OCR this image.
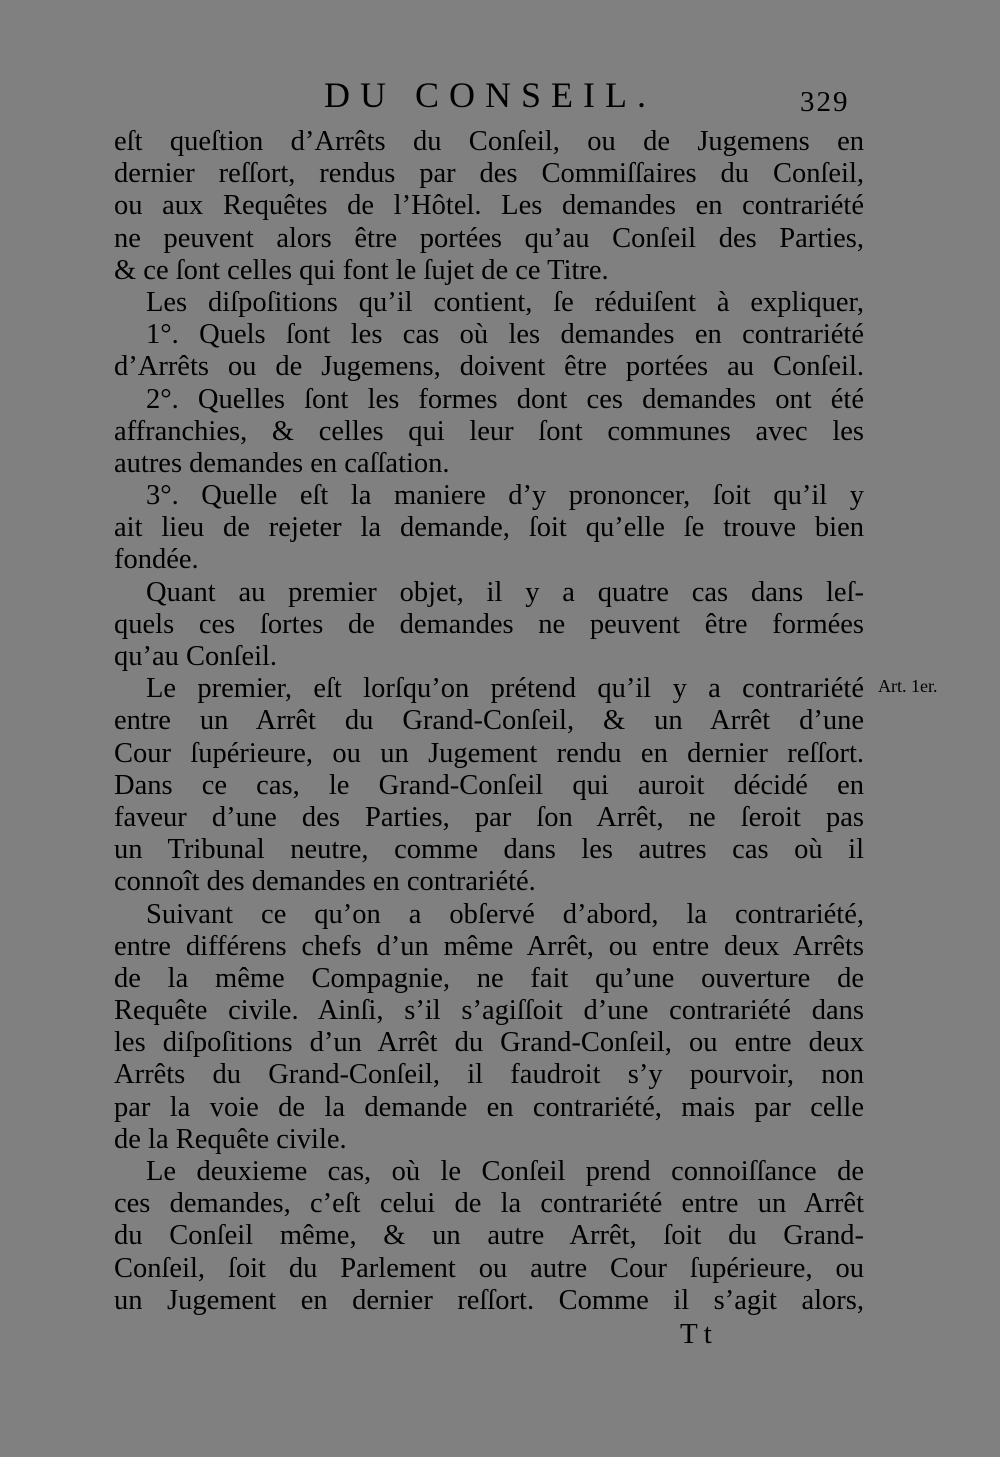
DU CONSEIL.	329
eſt queſtion d’Arrêts du Conſeil, ou de Jugemens en
dernier reſſort, rendus par des Commiſſaires du Conſeil,
ou aux Requêtes de l’Hôtel. Les demandes en contrariété
ne peuvent alors être portées qu’au Conſeil des Parties,
& ce ſont celles qui font le ſujet de ce Titre.
Les diſpoſitions qu’il contient, ſe réduiſent à expliquer,
1°. Quels ſont les cas où les demandes en contrariété
d’Arrêts ou de Jugemens, doivent être portées au Conſeil.
2°. Quelles ſont les formes dont ces demandes ont été
affranchies, & celles qui leur ſont communes avec les
autres demandes en caſſation.
3°. Quelle eſt la maniere d’y prononcer, ſoit qu’il y
ait lieu de rejeter la demande, ſoit qu’elle ſe trouve bien
fondée.
Quant au premier objet, il y a quatre cas dans leſ-
quels ces ſortes de demandes ne peuvent être formées
qu’au Conſeil.
Le premier, eſt lorſqu’on prétend qu’il y a contrariété
entre un Arrêt du Grand-Conſeil, & un Arrêt d’une
Cour ſupérieure, ou un Jugement rendu en dernier reſſort.
Dans ce cas, le Grand-Conſeil qui auroit décidé en
faveur d’une des Parties, par ſon Arrêt, ne ſeroit pas
un Tribunal neutre, comme dans les autres cas où il
connoît des demandes en contrariété.
Suivant ce qu’on a obſervé d’abord, la contrariété,
entre différens chefs d’un même Arrêt, ou entre deux Arrêts
de la même Compagnie, ne fait qu’une ouverture de
Requête civile. Ainſi, s’il s’agiſſoit d’une contrariété dans
les diſpoſitions d’un Arrêt du Grand-Conſeil, ou entre deux
Arrêts du Grand-Conſeil, il faudroit s’y pourvoir, non
par la voie de la demande en contrariété, mais par celle
de la Requête civile.
Le deuxieme cas, où le Conſeil prend connoiſſance de
ces demandes, c’eſt celui de la contrariété entre un Arrêt
du Conſeil même, & un autre Arrêt, ſoit du Grand-
Conſeil, ſoit du Parlement ou autre Cour ſupérieure, ou
un Jugement en dernier reſſort. Comme il s’agit alors,
Art. 1er.
Tt
